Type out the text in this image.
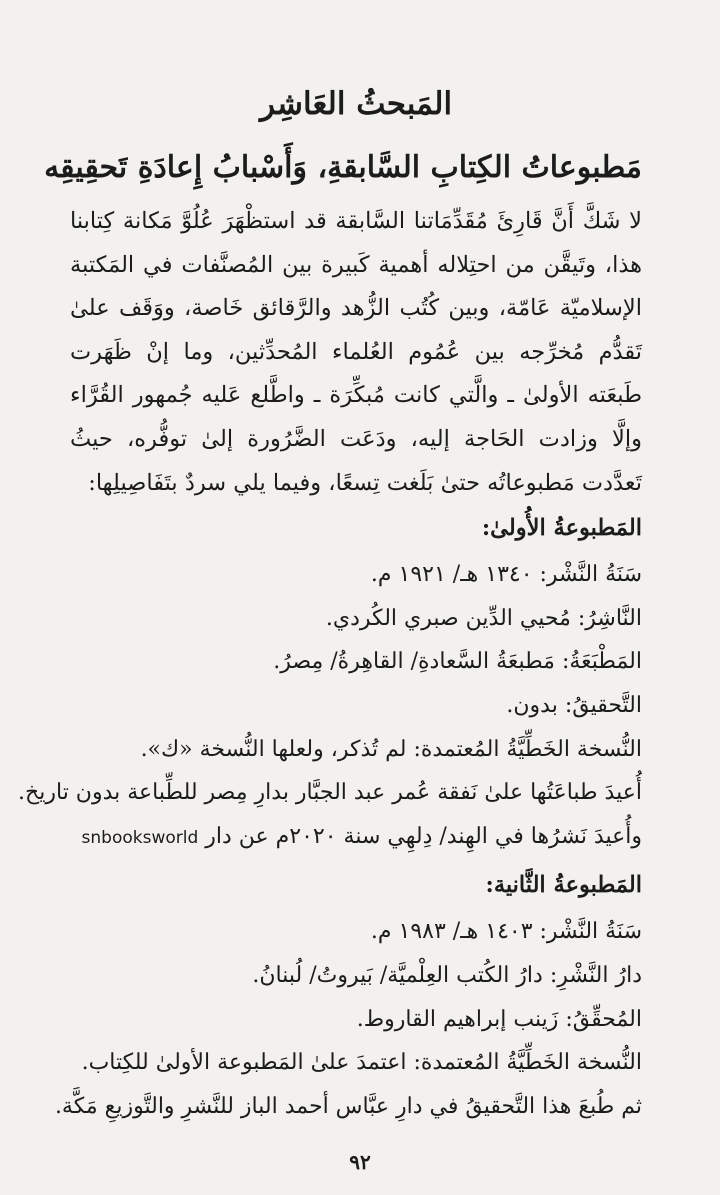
المَبحثُ العَاشِر
مَطبوعاتُ الكِتابِ السَّابقةِ، وَأَسْبابُ إِعادَةِ تَحقِيقِه

لا شَكَّ أَنَّ قَارِئَ مُقَدِّمَاتنا السَّابقة قد استظْهَرَ عُلُوَّ مَكانة كِتابنا هذا، وتَيقَّن من احتِلاله أهمية كَبيرة بين المُصنَّفات في المَكتبة الإسلاميّة عَامّة، وبين كُتُب الزُّهد والرَّقائق خَاصة، ووَقَف علىٰ تَقدُّم مُخرِّجه بين عُمُوم العُلماء المُحدِّثين، وما إنْ ظَهَرت طَبعَته الأولىٰ ـ والَّتي كانت مُبكِّرَة ـ واطَّلع عَليه جُمهور القُرَّاء وإلَّا وزادت الحَاجة إليه، ودَعَت الضَّرُورة إلىٰ توفُّره، حيثُ تَعدَّدت مَطبوعاتُه حتىٰ بَلَغت تِسعًا، وفيما يلي سردٌ بتَفَاصِيلِها:

المَطبوعةُ الأُولىٰ:

سَنَةُ النَّشْر: ١٣٤٠ هـ/ ١٩٢١ م.

النَّاشِرُ: مُحيي الدِّين صبري الكُردي.

المَطْبَعَةُ: مَطبعَةُ السَّعادةِ/ القاهِرةُ/ مِصرُ.

التَّحقيقُ: بدون.

النُّسخة الخَطِّيَّةُ المُعتمدة: لم تُذكر، ولعلها النُّسخة «ك».

أُعيدَ طباعَتُها علىٰ نَفقة عُمر عبد الجبَّار بدارِ مِصر للطِّباعة بدون تاريخ.

وأُعيدَ نَشرُها في الهِند/ دِلهِي سنة ٢٠٢٠م عن دار snbooksworld

المَطبوعةُ الثَّانية:

سَنَةُ النَّشْر: ١٤٠٣ هـ/ ١٩٨٣ م.

دارُ النَّشْرِ: دارُ الكُتب العِلْميَّة/ بَيروتُ/ لُبنانُ.

المُحقِّقُ: زَينب إبراهيم القاروط.

النُّسخة الخَطِّيَّةُ المُعتمدة: اعتمدَ علىٰ المَطبوعة الأولىٰ للكِتاب.

ثم طُبعَ هذا التَّحقيقُ في دارِ عبَّاس أحمد الباز للنَّشرِ والتَّوزيعِ مَكَّة.

٩٢
